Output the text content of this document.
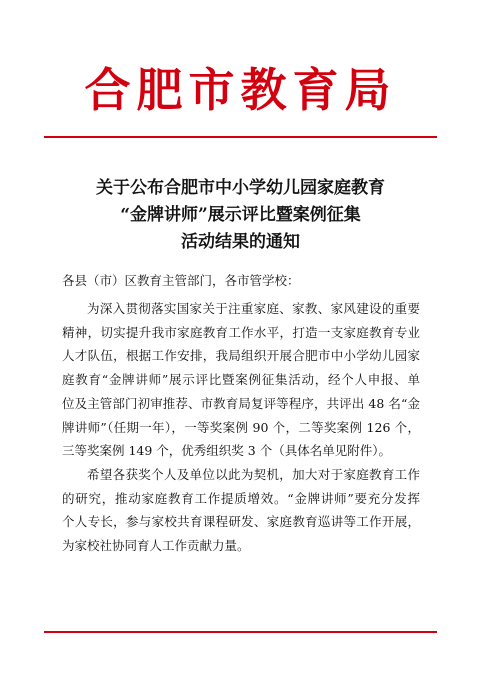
合肥市教育局
关于公布合肥市中小学幼儿园家庭教育
“金牌讲师”展示评比暨案例征集
活动结果的通知
各县（市）区教育主管部门，各市管学校：
为深入贯彻落实国家关于注重家庭、家教、家风建设的重要
精神，切实提升我市家庭教育工作水平，打造一支家庭教育专业
人才队伍，根据工作安排，我局组织开展合肥市中小学幼儿园家
庭教育“金牌讲师”展示评比暨案例征集活动，经个人申报、单
位及主管部门初审推荐、市教育局复评等程序，共评出 48 名“金
牌讲师”（任期一年），一等奖案例 90 个，二等奖案例 126 个，
三等奖案例 149 个，优秀组织奖 3 个（具体名单见附件）。
希望各获奖个人及单位以此为契机，加大对于家庭教育工作
的研究，推动家庭教育工作提质增效。“金牌讲师”要充分发挥
个人专长，参与家校共育课程研发、家庭教育巡讲等工作开展，
为家校社协同育人工作贡献力量。
